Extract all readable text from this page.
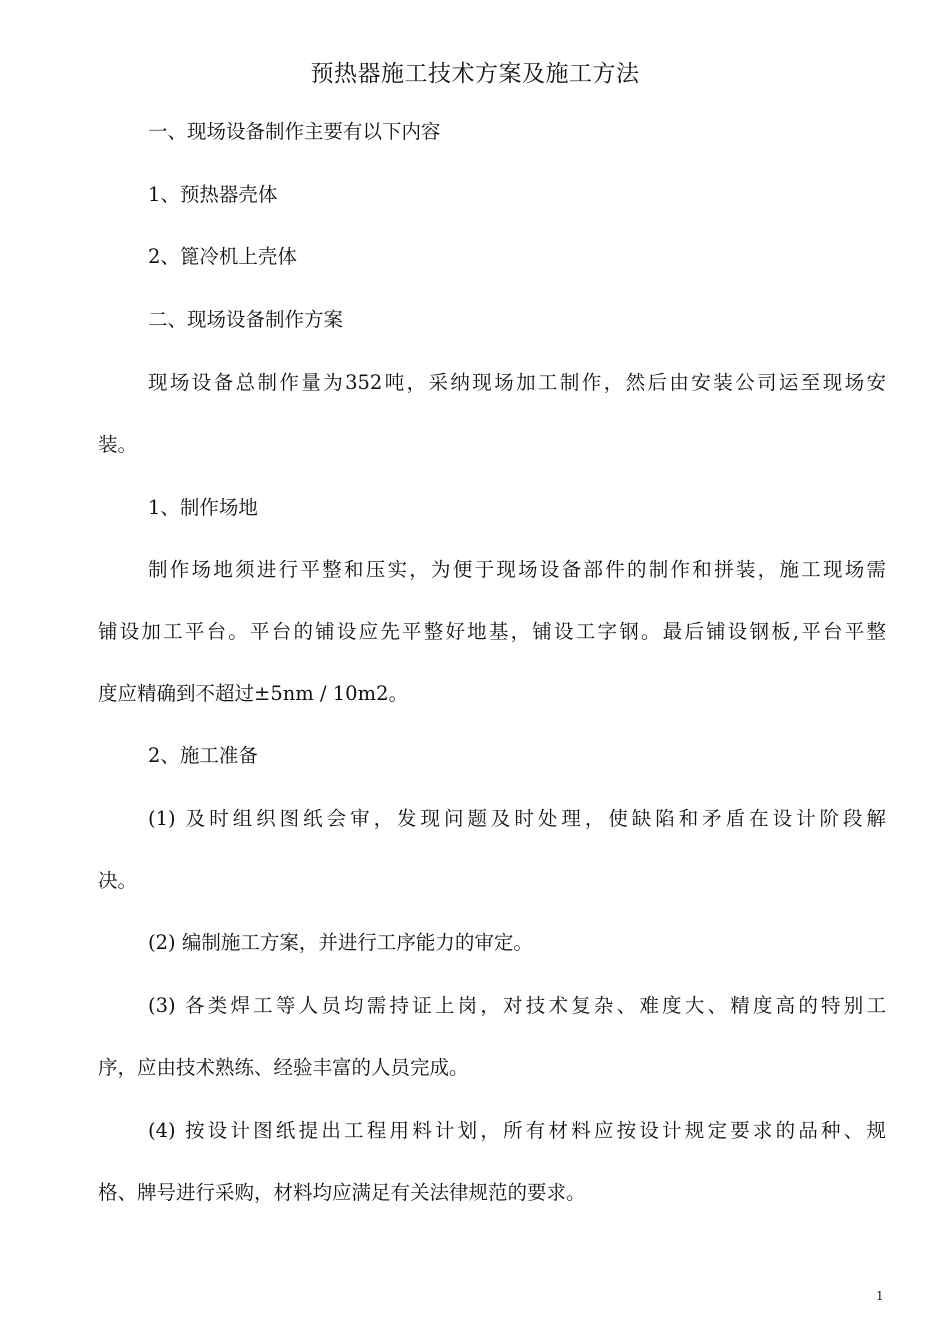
预热器施工技术方案及施工方法
一、现场设备制作主要有以下内容
1、预热器壳体
2、篦冷机上壳体
二、现场设备制作方案
现场设备总制作量为352吨，采纳现场加工制作，然后由安装公司运至现场安
装。
1、制作场地
制作场地须进行平整和压实，为便于现场设备部件的制作和拼装，施工现场需
铺设加工平台。平台的铺设应先平整好地基，铺设工字钢。最后铺设钢板,平台平整
度应精确到不超过±5nm / 10m2。
2、施工准备
(1) 及时组织图纸会审，发现问题及时处理，使缺陷和矛盾在设计阶段解
决。
(2) 编制施工方案，并进行工序能力的审定。
(3) 各类焊工等人员均需持证上岗，对技术复杂、难度大、精度高的特别工
序，应由技术熟练、经验丰富的人员完成。
(4) 按设计图纸提出工程用料计划，所有材料应按设计规定要求的品种、规
格、牌号进行采购，材料均应满足有关法律规范的要求。
1
